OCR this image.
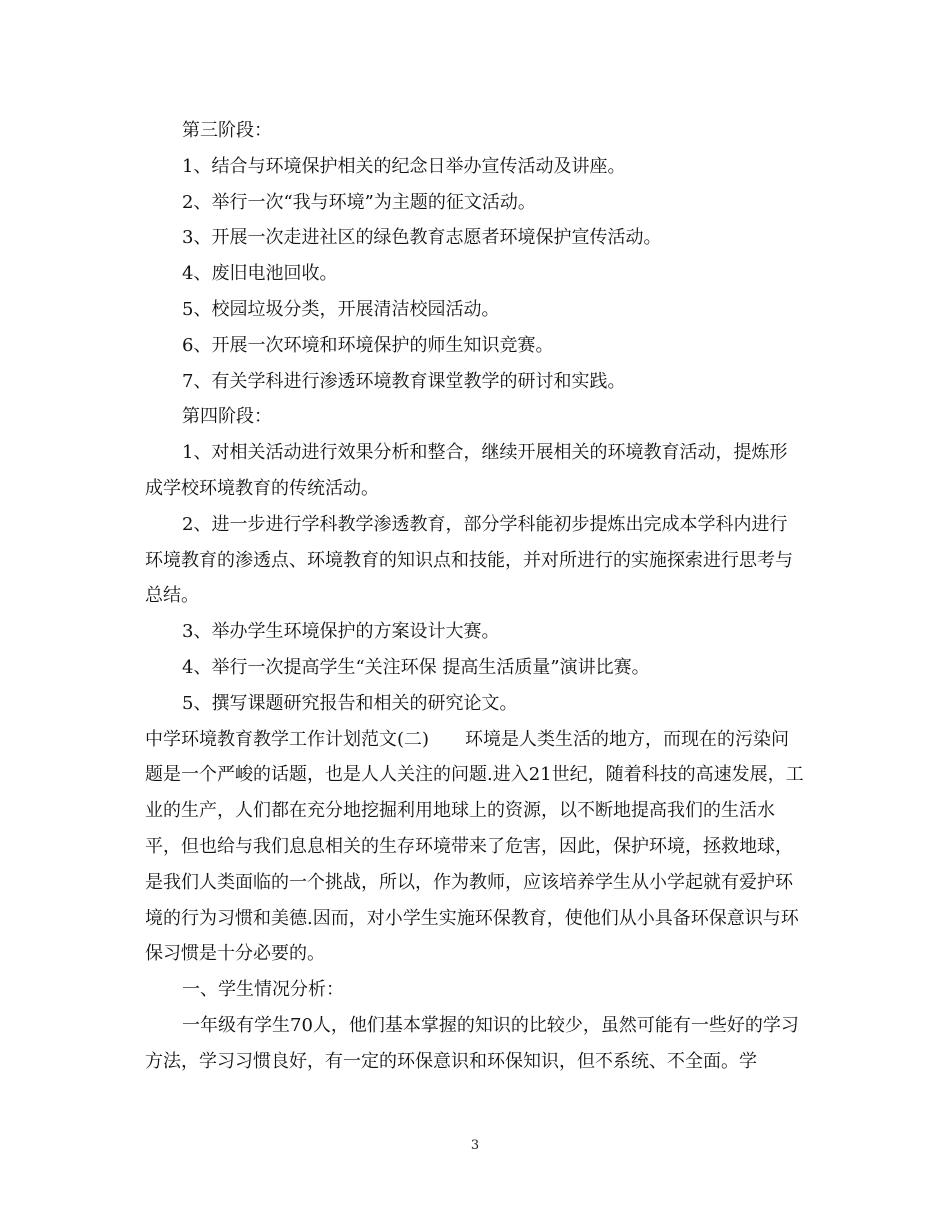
第三阶段：

1、结合与环境保护相关的纪念日举办宣传活动及讲座。

2、举行一次“我与环境”为主题的征文活动。

3、开展一次走进社区的绿色教育志愿者环境保护宣传活动。

4、废旧电池回收。

5、校园垃圾分类，开展清洁校园活动。

6、开展一次环境和环境保护的师生知识竞赛。

7、有关学科进行渗透环境教育课堂教学的研讨和实践。

第四阶段：

1、对相关活动进行效果分析和整合，继续开展相关的环境教育活动，提炼形成学校环境教育的传统活动。

2、进一步进行学科教学渗透教育，部分学科能初步提炼出完成本学科内进行环境教育的渗透点、环境教育的知识点和技能，并对所进行的实施探索进行思考与总结。

3、举办学生环境保护的方案设计大赛。

4、举行一次提高学生“关注环保 提高生活质量”演讲比赛。

5、撰写课题研究报告和相关的研究论文。

中学环境教育教学工作计划范文(二)　　环境是人类生活的地方，而现在的污染问题是一个严峻的话题，也是人人关注的问题.进入21世纪，随着科技的高速发展，工业的生产，人们都在充分地挖掘利用地球上的资源，以不断地提高我们的生活水平，但也给与我们息息相关的生存环境带来了危害，因此，保护环境，拯救地球，是我们人类面临的一个挑战，所以，作为教师，应该培养学生从小学起就有爱护环境的行为习惯和美德.因而，对小学生实施环保教育，使他们从小具备环保意识与环保习惯是十分必要的。

一、学生情况分析：

一年级有学生70人，他们基本掌握的知识的比较少，虽然可能有一些好的学习方法，学习习惯良好，有一定的环保意识和环保知识，但不系统、不全面。学

3
